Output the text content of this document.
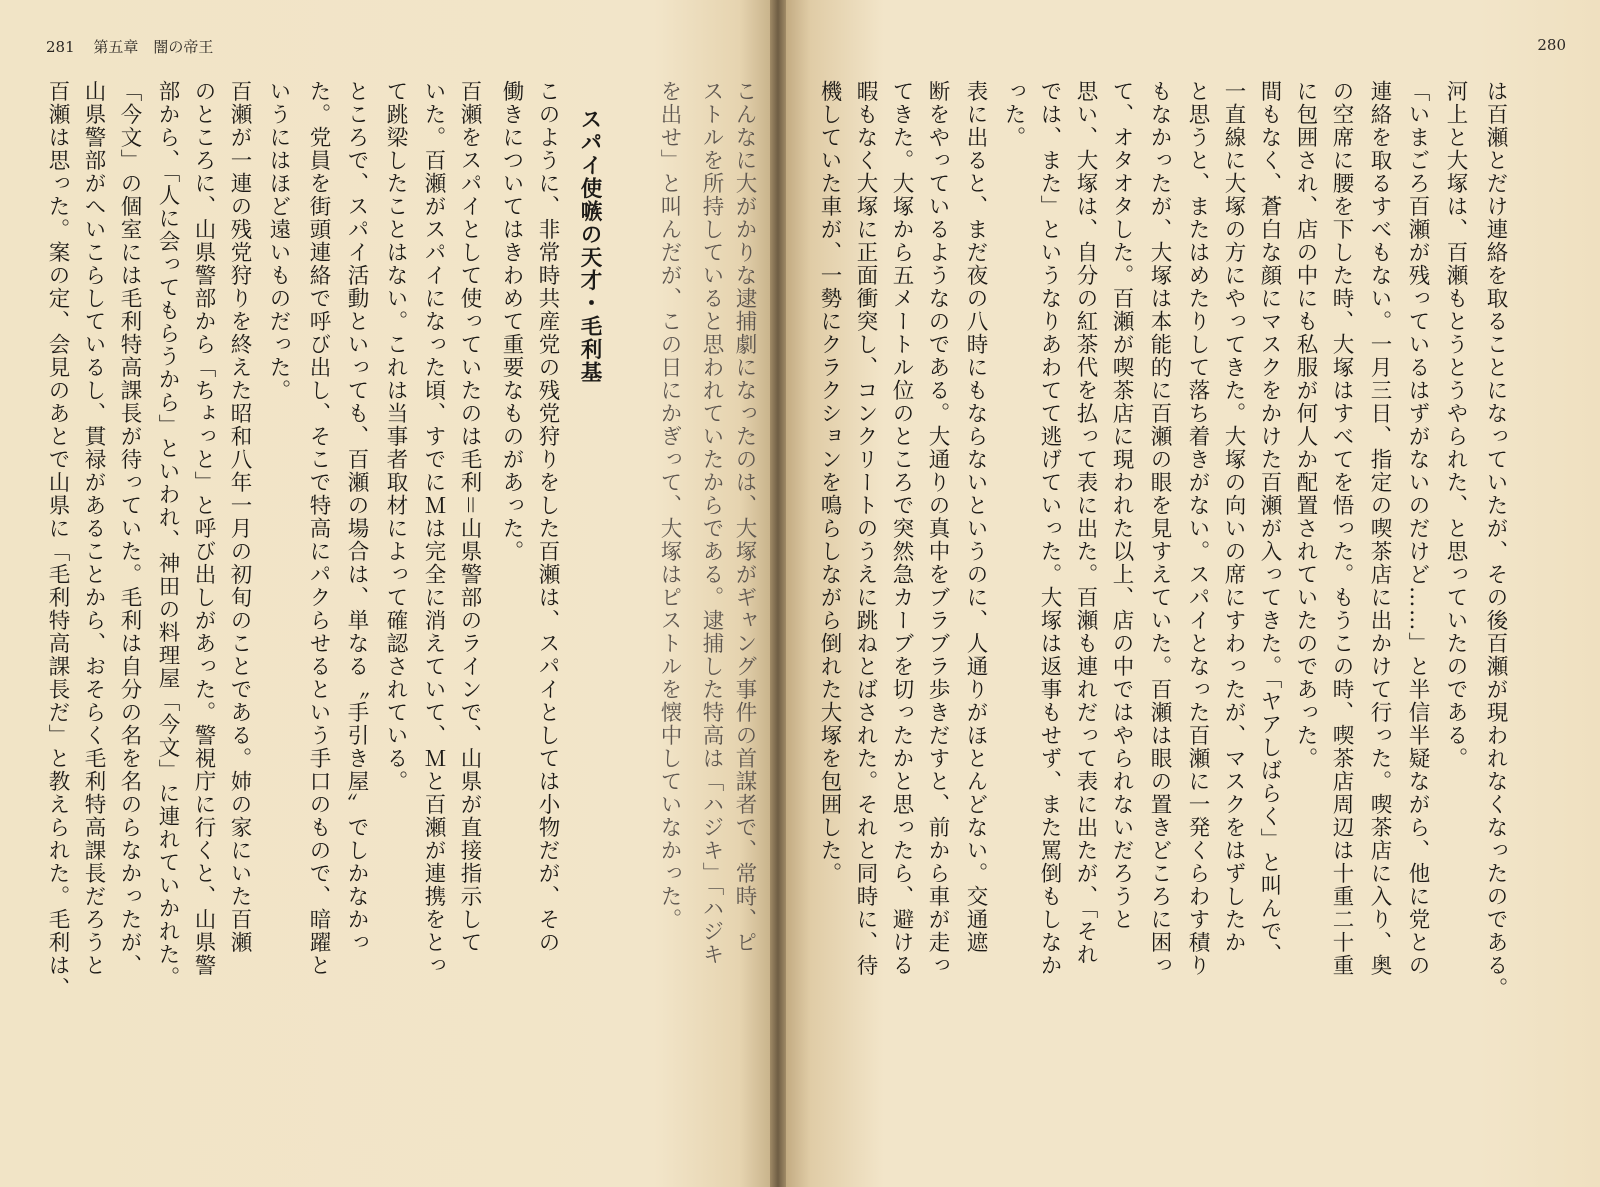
281 第五章　闇の帝王
こんなに大がかりな逮捕劇になったのは、大塚がギャング事件の首謀者で、常時、ピ
ストルを所持していると思われていたからである。逮捕した特高は「ハジキ」「ハジキ
を出せ」と叫んだが、この日にかぎって、大塚はピストルを懐中していなかった。
スパイ使嗾の天才・毛利基
このように、非常時共産党の残党狩りをした百瀬は、スパイとしては小物だが、その
働きについてはきわめて重要なものがあった。
百瀬をスパイとして使っていたのは毛利＝山県警部のラインで、山県が直接指示して
いた。百瀬がスパイになった頃、すでにＭは完全に消えていて、Ｍと百瀬が連携をとっ
て跳梁したことはない。これは当事者取材によって確認されている。
ところで、スパイ活動といっても、百瀬の場合は、単なる〝手引き屋〟でしかなかっ
た。党員を街頭連絡で呼び出し、そこで特高にパクらせるという手口のもので、暗躍と
いうにはほど遠いものだった。
百瀬が一連の残党狩りを終えた昭和八年一月の初旬のことである。姉の家にいた百瀬
のところに、山県警部から「ちょっと」と呼び出しがあった。警視庁に行くと、山県警
部から、「人に会ってもらうから」といわれ、神田の料理屋「今文」に連れていかれた。
「今文」の個室には毛利特高課長が待っていた。毛利は自分の名を名のらなかったが、
山県警部がへいこらしているし、貫禄があることから、おそらく毛利特高課長だろうと
百瀬は思った。案の定、会見のあとで山県に「毛利特高課長だ」と教えられた。毛利は、
280
は百瀬とだけ連絡を取ることになっていたが、その後百瀬が現われなくなったのである。
河上と大塚は、百瀬もとうとうやられた、と思っていたのである。
「いまごろ百瀬が残っているはずがないのだけど……」と半信半疑ながら、他に党との
連絡を取るすべもない。一月三日、指定の喫茶店に出かけて行った。喫茶店に入り、奥
の空席に腰を下した時、大塚はすべてを悟った。もうこの時、喫茶店周辺は十重二十重
に包囲され、店の中にも私服が何人か配置されていたのであった。
間もなく、蒼白な顔にマスクをかけた百瀬が入ってきた。「ヤアしばらく」と叫んで、
一直線に大塚の方にやってきた。大塚の向いの席にすわったが、マスクをはずしたか
と思うと、またはめたりして落ち着きがない。スパイとなった百瀬に一発くらわす積り
もなかったが、大塚は本能的に百瀬の眼を見すえていた。百瀬は眼の置きどころに困っ
て、オタオタした。百瀬が喫茶店に現われた以上、店の中ではやられないだろうと
思い、大塚は、自分の紅茶代を払って表に出た。百瀬も連れだって表に出たが、「それ
では、また」というなりあわてて逃げていった。大塚は返事もせず、また罵倒もしなか
った。
表に出ると、まだ夜の八時にもならないというのに、人通りがほとんどない。交通遮
断をやっているようなのである。大通りの真中をブラブラ歩きだすと、前から車が走っ
てきた。大塚から五メートル位のところで突然急カーブを切ったかと思ったら、避ける
暇もなく大塚に正面衝突し、コンクリートのうえに跳ねとばされた。それと同時に、待
機していた車が、一勢にクラクションを鳴らしながら倒れた大塚を包囲した。
